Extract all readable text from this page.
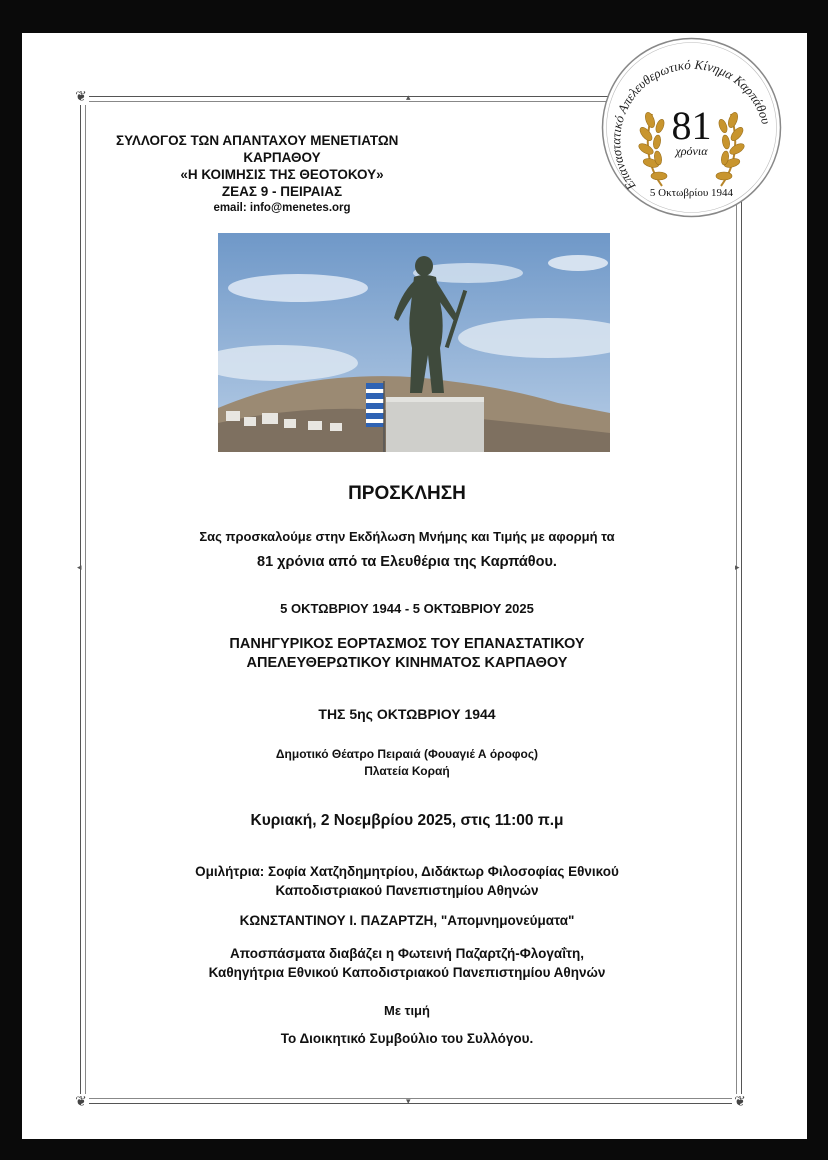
❦
❦	❦
◂	▸
▴
▾
ΣΥΛΛΟΓΟΣ ΤΩΝ ΑΠΑΝΤΑΧΟΥ ΜΕΝΕΤΙΑΤΩΝ
ΚΑΡΠΑΘΟΥ
«Η ΚΟΙΜΗΣΙΣ ΤΗΣ ΘΕΟΤΟΚΟΥ»
ΖΕΑΣ 9 - ΠΕΙΡΑΙΑΣ
email: info@menetes.org
Επαναστατικό Απελευθερωτικό Κίνημα Καρπάθου
81
χρόνια
5 Οκτωβρίου 1944
ΠΡΟΣΚΛΗΣΗ
Σας προσκαλούμε στην Εκδήλωση Μνήμης και Τιμής με αφορμή τα
81 χρόνια από τα Ελευθέρια της Καρπάθου.
5 ΟΚΤΩΒΡΙΟΥ 1944 - 5 ΟΚΤΩΒΡΙΟΥ 2025
ΠΑΝΗΓΥΡΙΚΟΣ ΕΟΡΤΑΣΜΟΣ ΤΟΥ ΕΠΑΝΑΣΤΑΤΙΚΟΥ
ΑΠΕΛΕΥΘΕΡΩΤΙΚΟΥ ΚΙΝΗΜΑΤΟΣ ΚΑΡΠΑΘΟΥ
ΤΗΣ 5ης ΟΚΤΩΒΡΙΟΥ 1944
Δημοτικό Θέατρο Πειραιά (Φουαγιέ Α όροφος)
Πλατεία Κοραή
Κυριακή, 2 Νοεμβρίου 2025, στις 11:00 π.μ
Ομιλήτρια: Σοφία Χατζηδημητρίου, Διδάκτωρ Φιλοσοφίας Εθνικού
Καποδιστριακού Πανεπιστημίου Αθηνών
ΚΩΝΣΤΑΝΤΙΝΟΥ Ι. ΠΑΖΑΡΤΖΗ, "Απομνημονεύματα"
Αποσπάσματα διαβάζει η Φωτεινή Παζαρτζή-Φλογαΐτη,
Καθηγήτρια Εθνικού Καποδιστριακού Πανεπιστημίου Αθηνών
Με τιμή
Το Διοικητικό Συμβούλιο του Συλλόγου.
